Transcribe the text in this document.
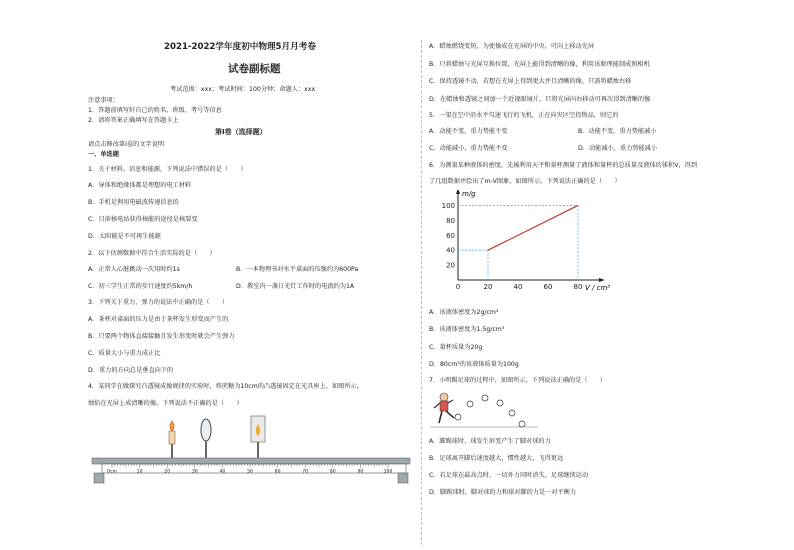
2021-2022学年度初中物理5月月考卷
试卷副标题
考试范围：xxx；考试时间：100分钟；命题人：xxx
注意事项：
1．答题前填写好自己的姓名、班级、考号等信息
2．请将答案正确填写在答题卡上
第I卷（选择题）
请点击修改第I卷的文字说明
一、单选题
1．关于材料、信息和能源，下列说法中错误的是（　　）
A．导体和绝缘体都是理想的电工材料
B．手机是利用电磁波传递信息的
C．目前核电站获得核能的途径是核裂变
D．太阳能是不可再生能源
2．以下估测数据中符合生活实际的是（　　）
A．正常人心脏跳动一次用时约1s	B．一本物理书对水平桌面的压强约为600Pa
C．初三学生正常的步行速度约5km/h	D．教室内一盏日光灯工作时的电流约为1A
3．下列关于重力、弹力的说法中正确的是（　　）
A．茶杯对桌面的压力是由于茶杯发生形变而产生的
B．只要两个物体直接接触且发生形变时就会产生弹力
C．质量大小与重力成正比
D．重力的方向总是垂直向下的
4．某同学在做探究凸透镜成像规律的实验时，将蔗糖为10cm的凸透镜固定在光具座上，如图所示，
烛焰在光屏上成清晰的像。下列说法不正确的是（　　）
0cm	10	20	30	40	50	60	70	80	90	100
A．蜡烛燃烧变短，为使像成在光屏的中央，可向上移动光屏
B．只将蜡烛与光屏互换位置，光屏上能得到清晰的像，利用该原理能制成照相机
C．保持透镜不动，若想在光屏上得到更大并且清晰的像，只需将蜡烛右移
D．在蜡烛和透镜之间加一个近视眼镜片，只将光屏向右移动可再次得到清晰的像
5．一架在空中沿水平匀速飞行的飞机，正在向灾区空投物品，则它的
A．动能不变，重力势能不变	B．动能不变，重力势能减小
C．动能减小，重力势能不变	D．动能减小，重力势能减小
6．为测量某种液体的密度，先後利用天平和量杯测量了液体和量杯的总质量及液体的体积V，得到
了几组数据并绘出了m-V图象，如图所示。下列说法正确的是（　　）
0	20	40	60	80
20
40
60
80
100
m/g
V / cm³
A．该液体密度为2g/cm³
B．该液体密度为1.5g/cm³
C．量杯质量为20g
D．80cm³的该液体质量为100g
7．小明踢足球的过程中，如图所示，下列说法正确的是（　　）
A．脚踢球时，球发生形变产生了脚对球的力
B．足球离开脚后速度越大，惯性越大，飞得更远
C．若足球在最高点时，一切外力同时消失，足球继续运动
D．脚踢球时，脚对球的力和球对脚的力是一对平衡力
